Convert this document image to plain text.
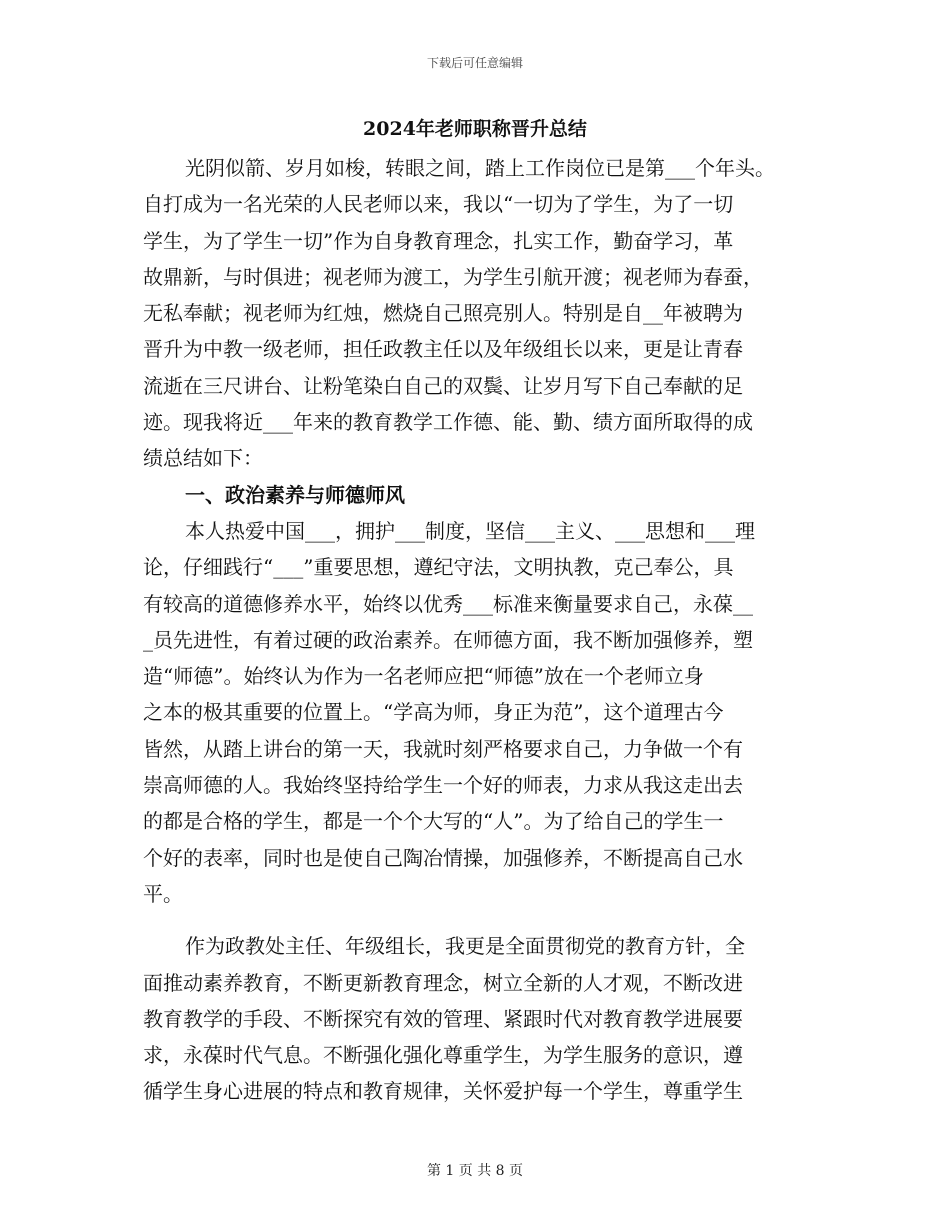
下载后可任意编辑
2024年老师职称晋升总结
光阴似箭、岁月如梭，转眼之间，踏上工作岗位已是第___个年头。
自打成为一名光荣的人民老师以来，我以“一切为了学生，为了一切
学生，为了学生一切”作为自身教育理念，扎实工作，勤奋学习，革
故鼎新，与时俱进；视老师为渡工，为学生引航开渡；视老师为春蚕，
无私奉献；视老师为红烛，燃烧自己照亮别人。特别是自__年被聘为
晋升为中教一级老师，担任政教主任以及年级组长以来，更是让青春
流逝在三尺讲台、让粉笔染白自己的双鬓、让岁月写下自己奉献的足
迹。现我将近___年来的教育教学工作德、能、勤、绩方面所取得的成
绩总结如下：
一、政治素养与师德师风
本人热爱中国___，拥护___制度，坚信___主义、___思想和___理
论，仔细践行“___”重要思想，遵纪守法，文明执教，克己奉公，具
有较高的道德修养水平，始终以优秀___标准来衡量要求自己，永葆__
_员先进性，有着过硬的政治素养。在师德方面，我不断加强修养，塑
造“师德”。始终认为作为一名老师应把“师德”放在一个老师立身
之本的极其重要的位置上。“学高为师，身正为范”，这个道理古今
皆然，从踏上讲台的第一天，我就时刻严格要求自己，力争做一个有
崇高师德的人。我始终坚持给学生一个好的师表，力求从我这走出去
的都是合格的学生，都是一个个大写的“人”。为了给自己的学生一
个好的表率，同时也是使自己陶冶情操，加强修养，不断提高自己水
平。
作为政教处主任、年级组长，我更是全面贯彻党的教育方针，全
面推动素养教育，不断更新教育理念，树立全新的人才观，不断改进
教育教学的手段、不断探究有效的管理、紧跟时代对教育教学进展要
求，永葆时代气息。不断强化强化尊重学生，为学生服务的意识，遵
循学生身心进展的特点和教育规律，关怀爱护每一个学生，尊重学生
第 1 页 共 8 页
